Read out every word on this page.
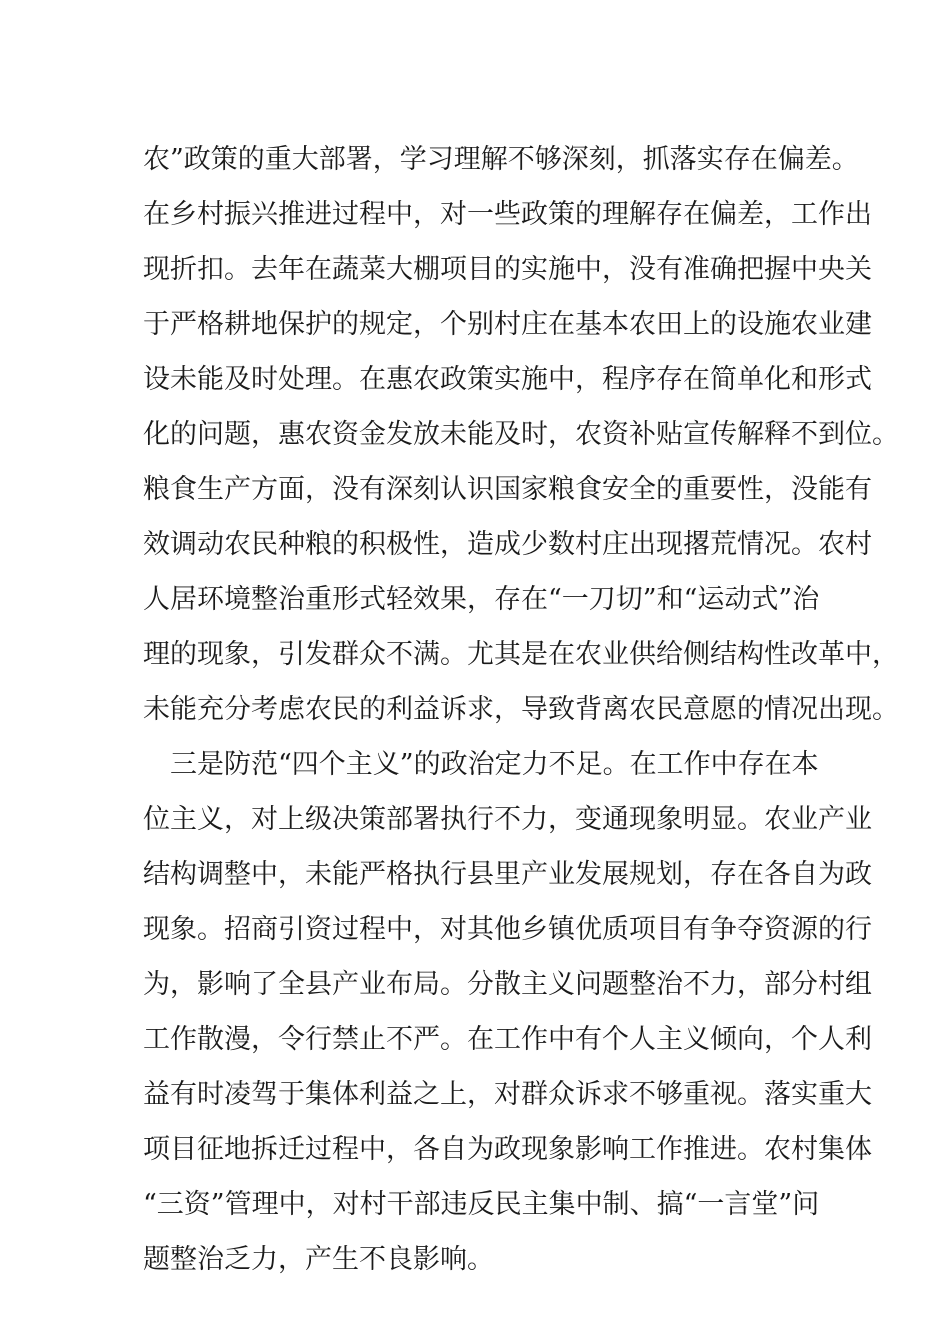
农”政策的重大部署，学习理解不够深刻，抓落实存在偏差。
在乡村振兴推进过程中，对一些政策的理解存在偏差，工作出
现折扣。去年在蔬菜大棚项目的实施中，没有准确把握中央关
于严格耕地保护的规定，个别村庄在基本农田上的设施农业建
设未能及时处理。在惠农政策实施中，程序存在简单化和形式
化的问题，惠农资金发放未能及时，农资补贴宣传解释不到位。
粮食生产方面，没有深刻认识国家粮食安全的重要性，没能有
效调动农民种粮的积极性，造成少数村庄出现撂荒情况。农村
人居环境整治重形式轻效果，存在“一刀切”和“运动式”治
理的现象，引发群众不满。尤其是在农业供给侧结构性改革中，
未能充分考虑农民的利益诉求，导致背离农民意愿的情况出现。
三是防范“四个主义”的政治定力不足。在工作中存在本
位主义，对上级决策部署执行不力，变通现象明显。农业产业
结构调整中，未能严格执行县里产业发展规划，存在各自为政
现象。招商引资过程中，对其他乡镇优质项目有争夺资源的行
为，影响了全县产业布局。分散主义问题整治不力，部分村组
工作散漫，令行禁止不严。在工作中有个人主义倾向，个人利
益有时凌驾于集体利益之上，对群众诉求不够重视。落实重大
项目征地拆迁过程中，各自为政现象影响工作推进。农村集体
“三资”管理中，对村干部违反民主集中制、搞“一言堂”问
题整治乏力，产生不良影响。
